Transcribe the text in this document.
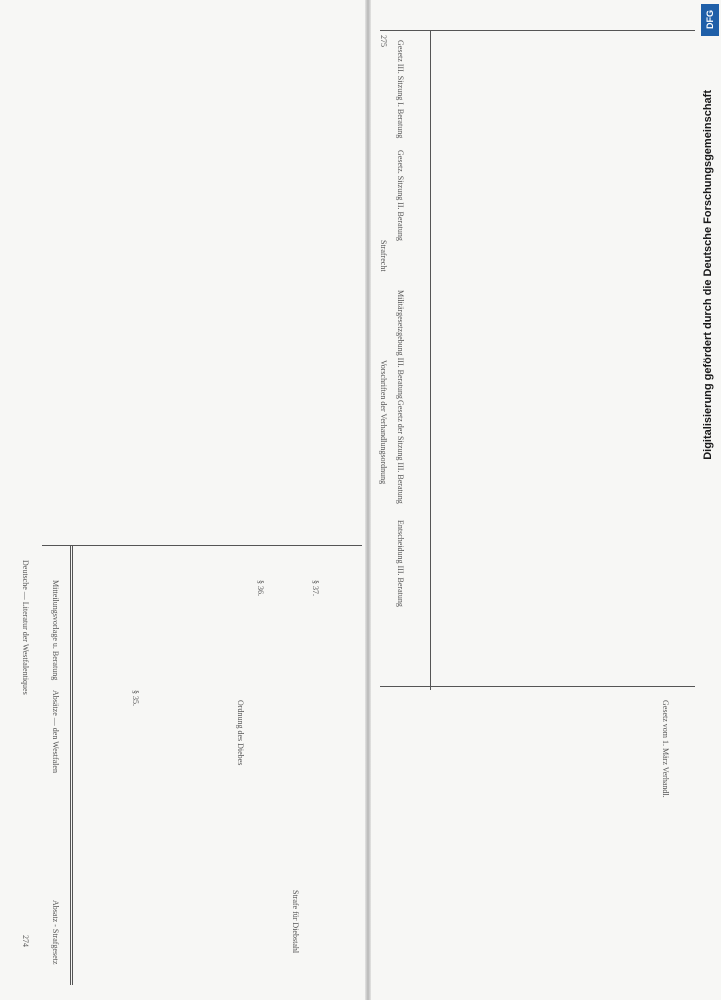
274
Deutsche — Literatur der Westfalentiques
Absatz - Strafgesetz
Absätze — den Westfalen
Mitteilungsvorlage u. Beratung
§ 35.
§ 36.	§ 37.
Strafe für Diebstahl
Ordnung des Diebes
275
Strafrecht
Vorschriften der Verhandlungsordnung
Gesetz III. Sitzung I. Beratung
Gesetz. Sitzung II. Beratung
Militärgesetzgebung III. Beratung
Gesetz der Sitzung III. Beratung
Entscheidung III. Beratung
Gesetz vom 1. März Verhandl.
Digitalisierung gefördert durch die Deutsche Forschungsgemeinschaft
DFG
